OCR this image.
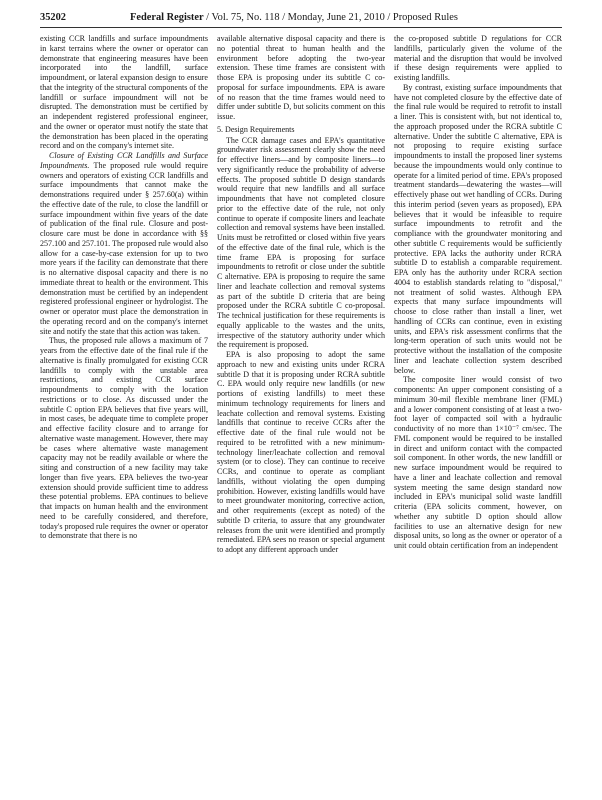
35202	Federal Register / Vol. 75, No. 118 / Monday, June 21, 2010 / Proposed Rules

existing CCR landfills and surface impoundments in karst terrains where the owner or operator can demonstrate that engineering measures have been incorporated into the landfill, surface impoundment, or lateral expansion design to ensure that the integrity of the structural components of the landfill or surface impoundment will not be disrupted. The demonstration must be certified by an independent registered professional engineer, and the owner or operator must notify the state that the demonstration has been placed in the operating record and on the company's internet site.

Closure of Existing CCR Landfills and Surface Impoundments. The proposed rule would require owners and operators of existing CCR landfills and surface impoundments that cannot make the demonstrations required under § 257.60(a) within the effective date of the rule, to close the landfill or surface impoundment within five years of the date of publication of the final rule. Closure and post-closure care must be done in accordance with §§ 257.100 and 257.101. The proposed rule would also allow for a case-by-case extension for up to two more years if the facility can demonstrate that there is no alternative disposal capacity and there is no immediate threat to health or the environment. This demonstration must be certified by an independent registered professional engineer or hydrologist. The owner or operator must place the demonstration in the operating record and on the company's internet site and notify the state that this action was taken.

Thus, the proposed rule allows a maximum of 7 years from the effective date of the final rule if the alternative is finally promulgated for existing CCR landfills to comply with the unstable area restrictions, and existing CCR surface impoundments to comply with the location restrictions or to close. As discussed under the subtitle C option EPA believes that five years will, in most cases, be adequate time to complete proper and effective facility closure and to arrange for alternative waste management. However, there may be cases where alternative waste management capacity may not be readily available or where the siting and construction of a new facility may take longer than five years. EPA believes the two-year extension should provide sufficient time to address these potential problems. EPA continues to believe that impacts on human health and the environment need to be carefully considered, and therefore, today's proposed rule requires the owner or operator to demonstrate that there is no

available alternative disposal capacity and there is no potential threat to human health and the environment before adopting the two-year extension. These time frames are consistent with those EPA is proposing under its subtitle C co-proposal for surface impoundments. EPA is aware of no reason that the time frames would need to differ under subtitle D, but solicits comment on this issue.

5. Design Requirements

The CCR damage cases and EPA's quantitative groundwater risk assessment clearly show the need for effective liners—and by composite liners—to very significantly reduce the probability of adverse effects. The proposed subtitle D design standards would require that new landfills and all surface impoundments that have not completed closure prior to the effective date of the rule, not only continue to operate if composite liners and leachate collection and removal systems have been installed. Units must be retrofitted or closed within five years of the effective date of the final rule, which is the time frame EPA is proposing for surface impoundments to retrofit or close under the subtitle C alternative. EPA is proposing to require the same liner and leachate collection and removal systems as part of the subtitle D criteria that are being proposed under the RCRA subtitle C co-proposal. The technical justification for these requirements is equally applicable to the wastes and the units, irrespective of the statutory authority under which the requirement is proposed.

EPA is also proposing to adopt the same approach to new and existing units under RCRA subtitle D that it is proposing under RCRA subtitle C. EPA would only require new landfills (or new portions of existing landfills) to meet these minimum technology requirements for liners and leachate collection and removal systems. Existing landfills that continue to receive CCRs after the effective date of the final rule would not be required to be retrofitted with a new minimum-technology liner/leachate collection and removal system (or to close). They can continue to receive CCRs, and continue to operate as compliant landfills, without violating the open dumping prohibition. However, existing landfills would have to meet groundwater monitoring, corrective action, and other requirements (except as noted) of the subtitle D criteria, to assure that any groundwater releases from the unit were identified and promptly remediated. EPA sees no reason or special argument to adopt any different approach under

the co-proposed subtitle D regulations for CCR landfills, particularly given the volume of the material and the disruption that would be involved if these design requirements were applied to existing landfills.

By contrast, existing surface impoundments that have not completed closure by the effective date of the final rule would be required to retrofit to install a liner. This is consistent with, but not identical to, the approach proposed under the RCRA subtitle C alternative. Under the subtitle C alternative, EPA is not proposing to require existing surface impoundments to install the proposed liner systems because the impoundments would only continue to operate for a limited period of time. EPA's proposed treatment standards—dewatering the wastes—will effectively phase out wet handling of CCRs. During this interim period (seven years as proposed), EPA believes that it would be infeasible to require surface impoundments to retrofit and the compliance with the groundwater monitoring and other subtitle C requirements would be sufficiently protective. EPA lacks the authority under RCRA subtitle D to establish a comparable requirement. EPA only has the authority under RCRA section 4004 to establish standards relating to "disposal," not treatment of solid wastes. Although EPA expects that many surface impoundments will choose to close rather than install a liner, wet handling of CCRs can continue, even in existing units, and EPA's risk assessment confirms that the long-term operation of such units would not be protective without the installation of the composite liner and leachate collection system described below.

The composite liner would consist of two components: An upper component consisting of a minimum 30-mil flexible membrane liner (FML) and a lower component consisting of at least a two-foot layer of compacted soil with a hydraulic conductivity of no more than 1×10⁻⁷ cm/sec. The FML component would be required to be installed in direct and uniform contact with the compacted soil component. In other words, the new landfill or new surface impoundment would be required to have a liner and leachate collection and removal system meeting the same design standard now included in EPA's municipal solid waste landfill criteria (EPA solicits comment, however, on whether any subtitle D option should allow facilities to use an alternative design for new disposal units, so long as the owner or operator of a unit could obtain certification from an independent
